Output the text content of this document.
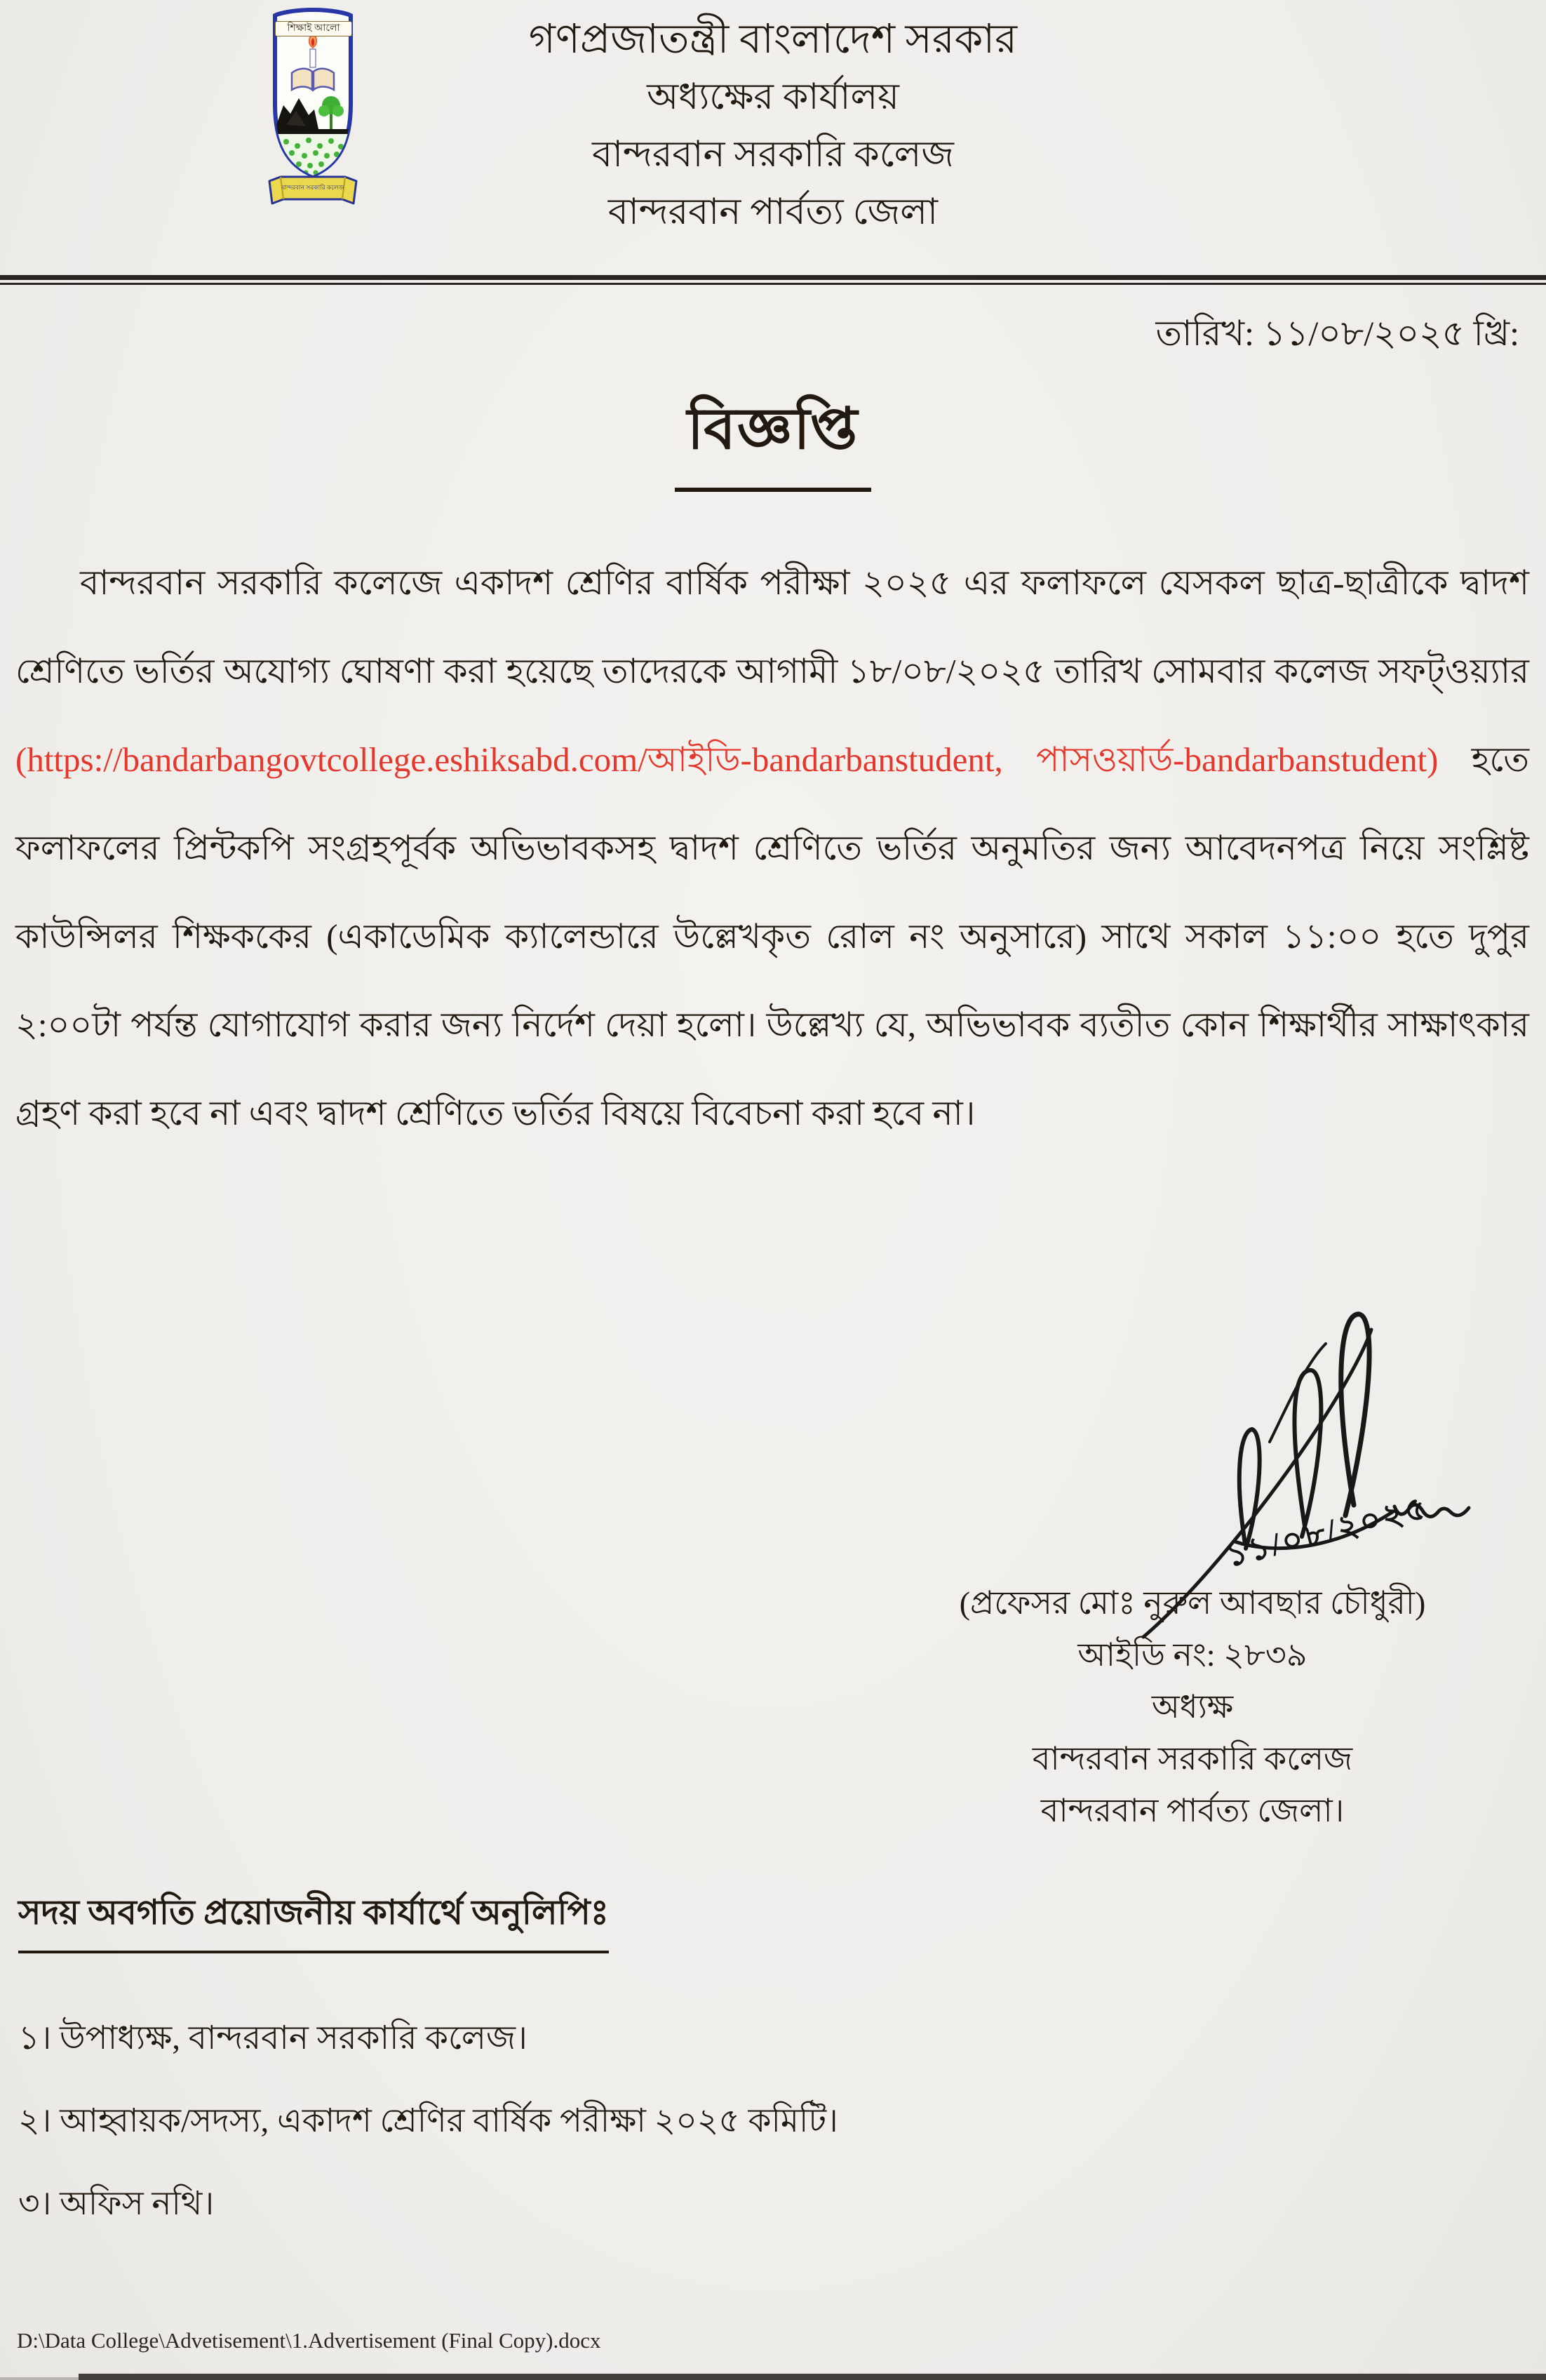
শিক্ষাই আলো
বান্দরবান সরকারি কলেজ
গণপ্রজাতন্ত্রী বাংলাদেশ সরকার
অধ্যক্ষের কার্যালয়
বান্দরবান সরকারি কলেজ
বান্দরবান পার্বত্য জেলা
তারিখ: ১১/০৮/২০২৫ খ্রি:
বিজ্ঞপ্তি

বান্দরবান সরকারি কলেজে একাদশ শ্রেণির বার্ষিক পরীক্ষা ২০২৫ এর ফলাফলে যেসকল ছাত্র-ছাত্রীকে দ্বাদশ শ্রেণিতে ভর্তির অযোগ্য ঘোষণা করা হয়েছে তাদেরকে আগামী ১৮/০৮/২০২৫ তারিখ সোমবার কলেজ সফট্ওয়্যার (https://bandarbangovtcollege.eshiksabd.com/আইডি-bandarbanstudent, পাসওয়ার্ড-bandarbanstudent) হতে ফলাফলের প্রিন্টকপি সংগ্রহপূর্বক অভিভাবকসহ দ্বাদশ শ্রেণিতে ভর্তির অনুমতির জন্য আবেদনপত্র নিয়ে সংশ্লিষ্ট কাউন্সিলর শিক্ষককের (একাডেমিক ক্যালেন্ডারে উল্লেখকৃত রোল নং অনুসারে) সাথে সকাল ১১:০০ হতে দুপুর ২:০০টা পর্যন্ত যোগাযোগ করার জন্য নির্দেশ দেয়া হলো। উল্লেখ্য যে, অভিভাবক ব্যতীত কোন শিক্ষার্থীর সাক্ষাৎকার গ্রহণ করা হবে না এবং দ্বাদশ শ্রেণিতে ভর্তির বিষয়ে বিবেচনা করা হবে না।

১১/০৮/২০২৫
(প্রফেসর মোঃ নুরুল আবছার চৌধুরী)
আইডি নং: ২৮৩৯
অধ্যক্ষ
বান্দরবান সরকারি কলেজ
বান্দরবান পার্বত্য জেলা।
সদয় অবগতি প্রয়োজনীয় কার্যার্থে অনুলিপিঃ
১। উপাধ্যক্ষ, বান্দরবান সরকারি কলেজ।
২। আহ্বায়ক/সদস্য, একাদশ শ্রেণির বার্ষিক পরীক্ষা ২০২৫ কমিটি।
৩। অফিস নথি।
D:\Data College\Advetisement\1.Advertisement (Final Copy).docx
